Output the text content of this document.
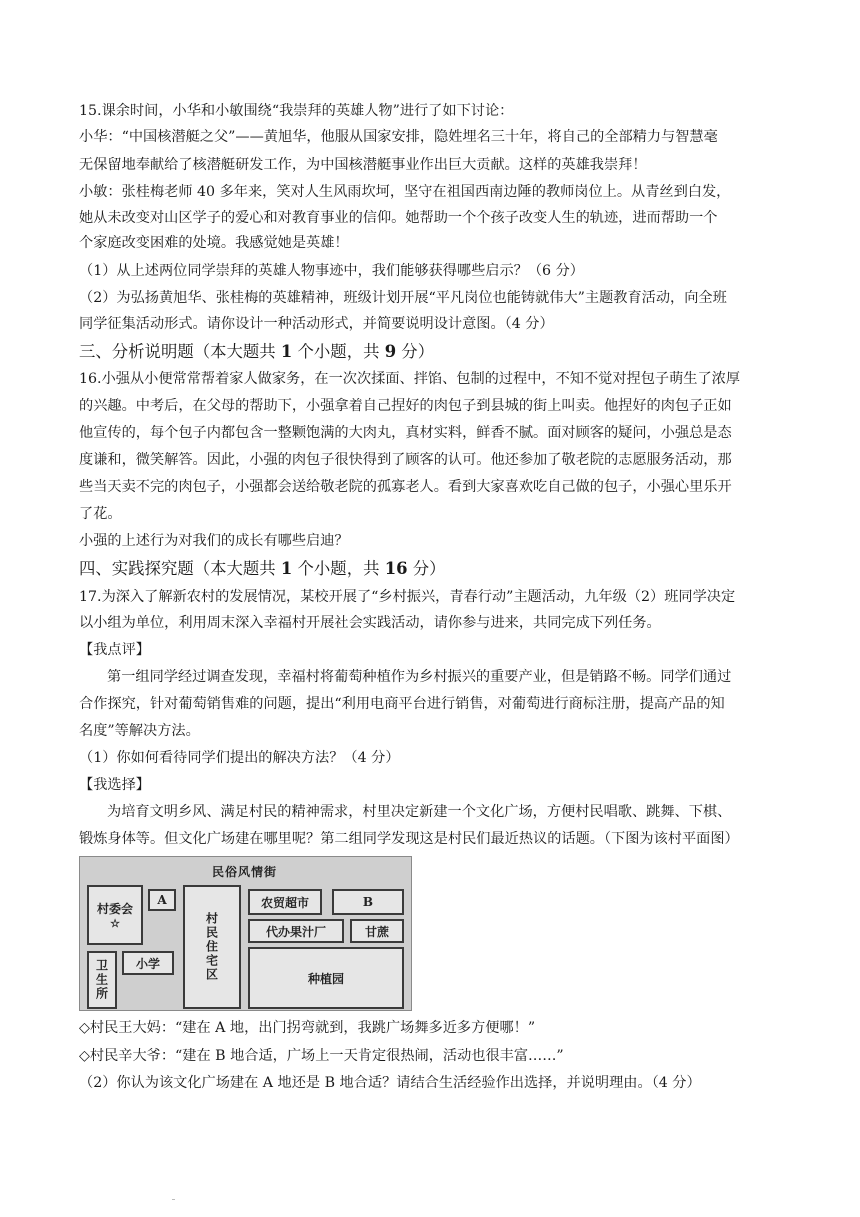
15.课余时间，小华和小敏围绕“我崇拜的英雄人物”进行了如下讨论：
小华：“中国核潜艇之父”——黄旭华，他服从国家安排，隐姓埋名三十年，将自己的全部精力与智慧毫
无保留地奉献给了核潜艇研发工作，为中国核潜艇事业作出巨大贡献。这样的英雄我崇拜！
小敏：张桂梅老师 40 多年来，笑对人生风雨坎坷，坚守在祖国西南边陲的教师岗位上。从青丝到白发，
她从未改变对山区学子的爱心和对教育事业的信仰。她帮助一个个孩子改变人生的轨迹，进而帮助一个
个家庭改变困难的处境。我感觉她是英雄！
（1）从上述两位同学崇拜的英雄人物事迹中，我们能够获得哪些启示？（6 分）
（2）为弘扬黄旭华、张桂梅的英雄精神，班级计划开展“平凡岗位也能铸就伟大”主题教育活动，向全班
同学征集活动形式。请你设计一种活动形式，并简要说明设计意图。（4 分）
三、分析说明题（本大题共 1 个小题，共 9 分）
16.小强从小便常常帮着家人做家务，在一次次揉面、拌馅、包制的过程中，不知不觉对捏包子萌生了浓厚
的兴趣。中考后，在父母的帮助下，小强拿着自己捏好的肉包子到县城的街上叫卖。他捏好的肉包子正如
他宣传的，每个包子内都包含一整颗饱满的大肉丸，真材实料，鲜香不腻。面对顾客的疑问，小强总是态
度谦和，微笑解答。因此，小强的肉包子很快得到了顾客的认可。他还参加了敬老院的志愿服务活动，那
些当天卖不完的肉包子，小强都会送给敬老院的孤寡老人。看到大家喜欢吃自己做的包子，小强心里乐开
了花。
小强的上述行为对我们的成长有哪些启迪？
四、实践探究题（本大题共 1 个小题，共 16 分）
17.为深入了解新农村的发展情况，某校开展了“乡村振兴，青春行动”主题活动，九年级（2）班同学决定
以小组为单位，利用周末深入幸福村开展社会实践活动，请你参与进来，共同完成下列任务。
【我点评】
第一组同学经过调查发现，幸福村将葡萄种植作为乡村振兴的重要产业，但是销路不畅。同学们通过
合作探究，针对葡萄销售难的问题，提出“利用电商平台进行销售，对葡萄进行商标注册，提高产品的知
名度”等解决方法。
（1）你如何看待同学们提出的解决方法？（4 分）
【我选择】
为培育文明乡风、满足村民的精神需求，村里决定新建一个文化广场，方便村民唱歌、跳舞、下棋、
锻炼身体等。但文化广场建在哪里呢？第二组同学发现这是村民们最近热议的话题。（下图为该村平面图）
民俗风情街
村委会
☆
A
村民住宅区
农贸超市	B
代办果汁厂	甘蔗
小学
卫生所	种植园
◇村民王大妈：“建在 A 地，出门拐弯就到，我跳广场舞多近多方便哪！”
◇村民辛大爷：“建在 B 地合适，广场上一天肯定很热闹，活动也很丰富……”
（2）你认为该文化广场建在 A 地还是 B 地合适？请结合生活经验作出选择，并说明理由。（4 分）
